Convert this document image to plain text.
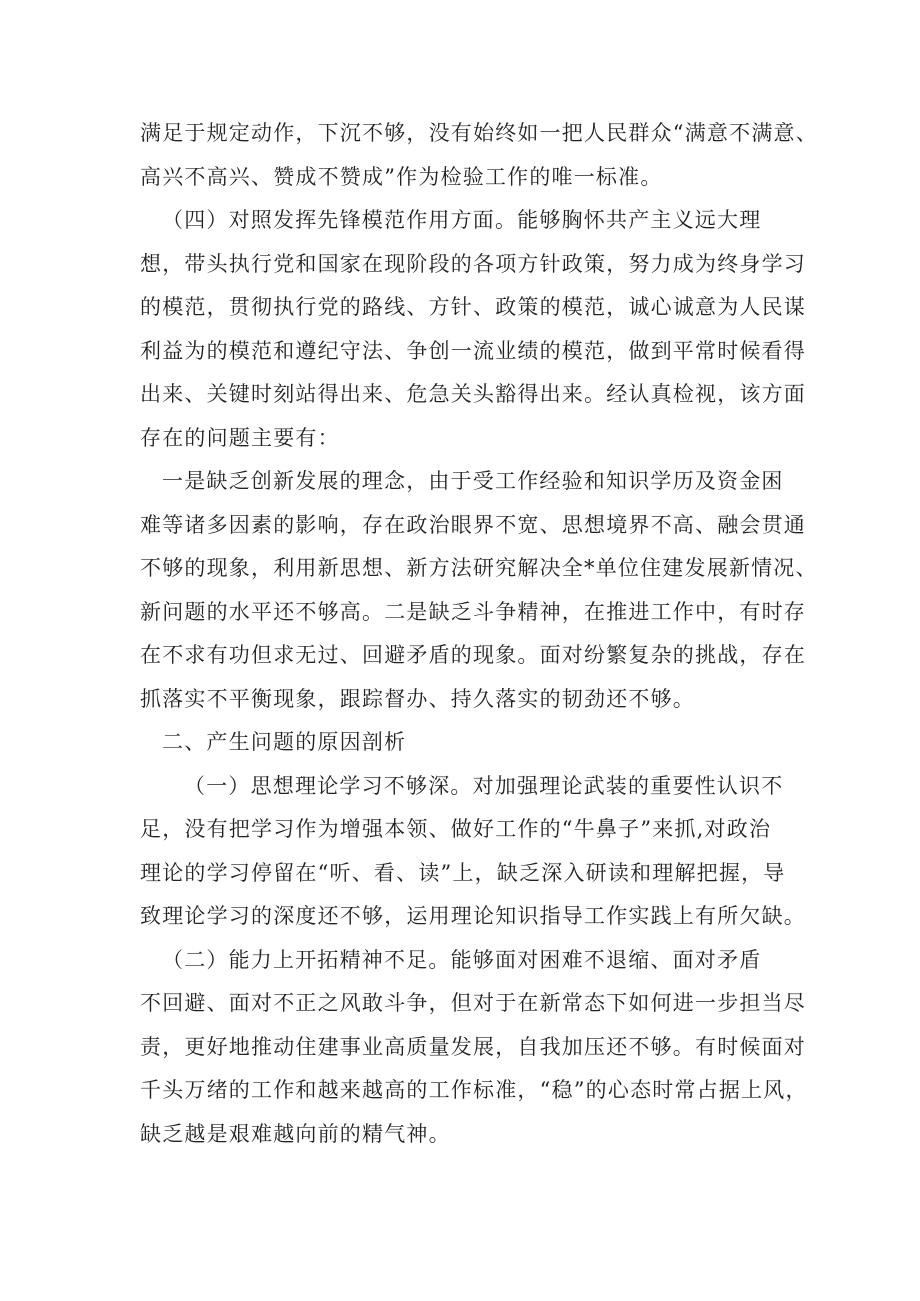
满足于规定动作，下沉不够，没有始终如一把人民群众“满意不满意、
高兴不高兴、赞成不赞成”作为检验工作的唯一标准。
（四）对照发挥先锋模范作用方面。能够胸怀共产主义远大理
想，带头执行党和国家在现阶段的各项方针政策，努力成为终身学习
的模范，贯彻执行党的路线、方针、政策的模范，诚心诚意为人民谋
利益为的模范和遵纪守法、争创一流业绩的模范，做到平常时候看得
出来、关键时刻站得出来、危急关头豁得出来。经认真检视，该方面
存在的问题主要有：
一是缺乏创新发展的理念，由于受工作经验和知识学历及资金困
难等诸多因素的影响，存在政治眼界不宽、思想境界不高、融会贯通
不够的现象，利用新思想、新方法研究解决全*单位住建发展新情况、
新问题的水平还不够高。二是缺乏斗争精神，在推进工作中，有时存
在不求有功但求无过、回避矛盾的现象。面对纷繁复杂的挑战，存在
抓落实不平衡现象，跟踪督办、持久落实的韧劲还不够。
二、产生问题的原因剖析
（一）思想理论学习不够深。对加强理论武装的重要性认识不
足，没有把学习作为增强本领、做好工作的“牛鼻子”来抓,对政治
理论的学习停留在“听、看、读”上，缺乏深入研读和理解把握，导
致理论学习的深度还不够，运用理论知识指导工作实践上有所欠缺。
（二）能力上开拓精神不足。能够面对困难不退缩、面对矛盾
不回避、面对不正之风敢斗争，但对于在新常态下如何进一步担当尽
责，更好地推动住建事业高质量发展，自我加压还不够。有时候面对
千头万绪的工作和越来越高的工作标准，“稳”的心态时常占据上风，
缺乏越是艰难越向前的精气神。
